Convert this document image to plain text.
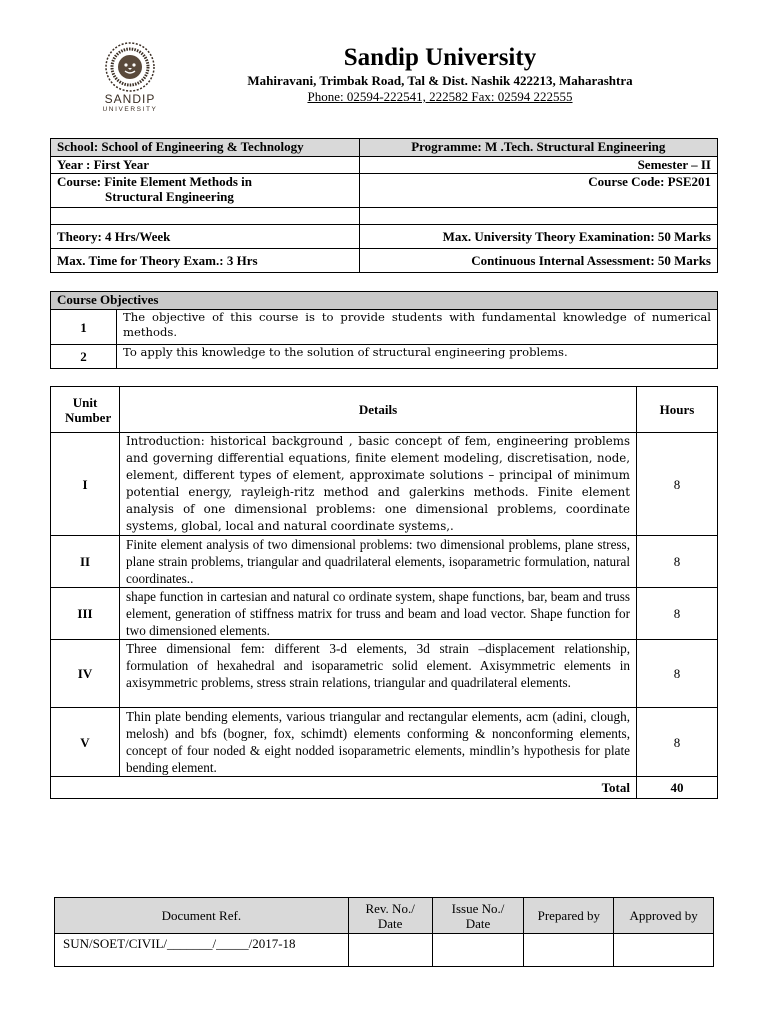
SANDIP
UNIVERSITY
Sandip University
Mahiravani, Trimbak Road, Tal & Dist. Nashik 422213, Maharashtra
Phone: 02594-222541, 222582 Fax: 02594 222555
School: School of Engineering & Technology	Programme: M .Tech. Structural Engineering
Year : First Year	Semester – II

Course: Finite Element Methods in
Structural Engineering	Course Code: PSE201

Theory: 4 Hrs/Week	Max. University Theory Examination: 50 Marks
Max. Time for Theory Exam.: 3 Hrs	Continuous Internal Assessment: 50 Marks
Course Objectives	
1	The objective of this course is to provide students with fundamental knowledge of numerical methods.
2	To apply this knowledge to the solution of structural engineering problems.
Unit Number	Details	Hours
I	Introduction: historical background , basic concept of fem, engineering problems and governing differential equations, finite element modeling, discretisation, node, element, different types of element, approximate solutions – principal of minimum potential energy, rayleigh-ritz method and galerkins methods. Finite element analysis of one dimensional problems: one dimensional problems, coordinate systems, global, local and natural coordinate systems,.	8
II	Finite element analysis of two dimensional problems: two dimensional problems, plane stress, plane strain problems, triangular and quadrilateral elements, isoparametric formulation, natural coordinates..	8
III	shape function in cartesian and natural co ordinate system, shape functions, bar, beam and truss element, generation of stiffness matrix for truss and beam and load vector. Shape function for two dimensioned elements.	8
IV	Three dimensional fem: different 3-d elements, 3d strain –displacement relationship, formulation of hexahedral and isoparametric solid element. Axisymmetric elements in axisymmetric problems, stress strain relations, triangular and quadrilateral elements.	8
V	Thin plate bending elements, various triangular and rectangular elements, acm (adini, clough, melosh) and bfs (bogner, fox, schimdt) elements conforming & nonconforming elements, concept of four noded & eight nodded isoparametric elements, mindlin’s hypothesis for plate bending element.	8
Total		40
Document Ref.	Rev. No./ Date	Issue No./ Date	Prepared by	Approved by
SUN/SOET/CIVIL/_______/_____/2017-18				
